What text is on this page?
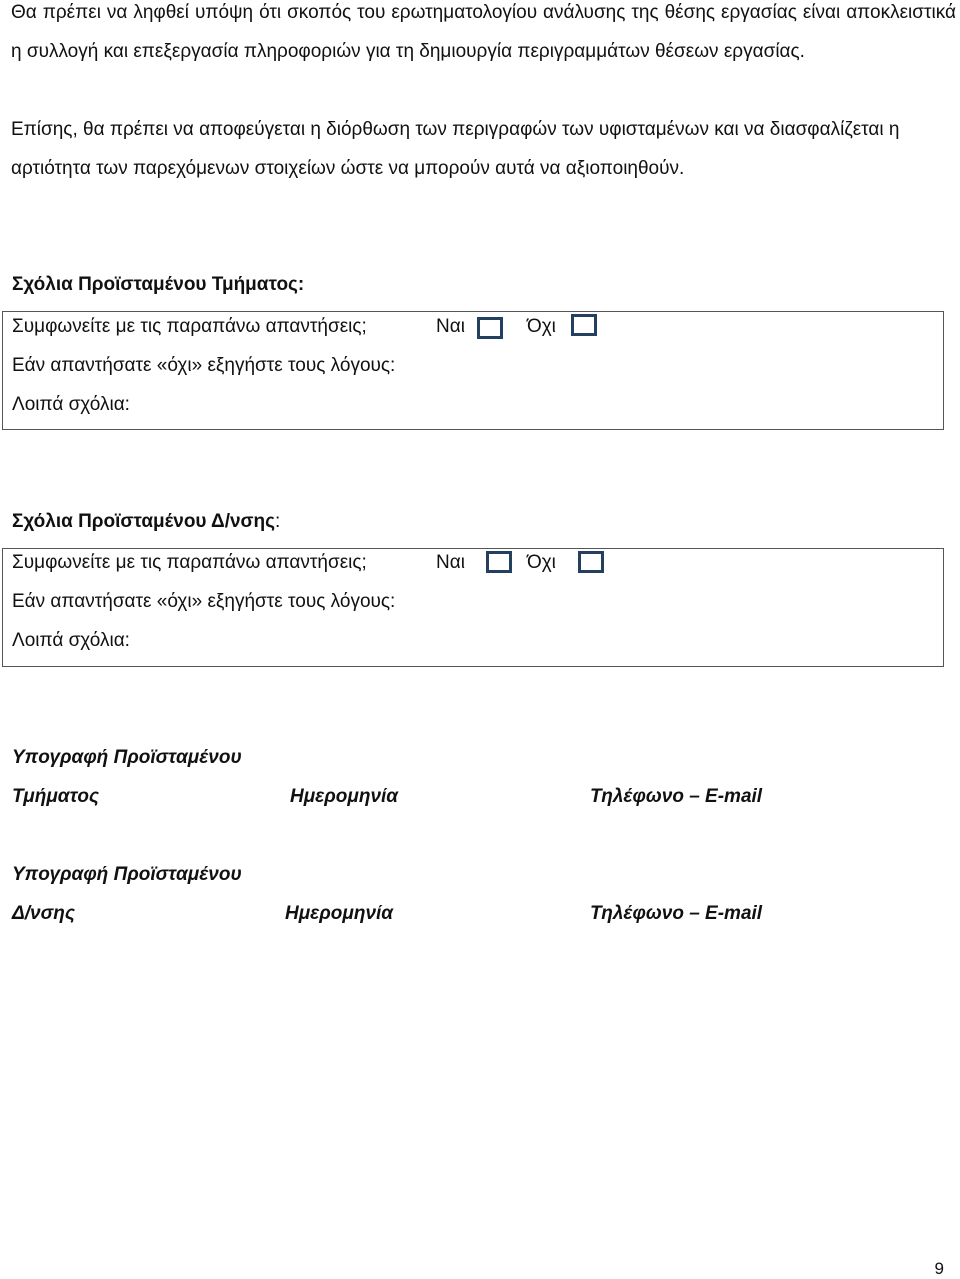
Θα πρέπει να ληφθεί υπόψη ότι σκοπός του ερωτηματολογίου ανάλυσης της θέσης εργασίας είναι αποκλειστικά η συλλογή και επεξεργασία πληροφοριών για τη δημιουργία περιγραμμάτων θέσεων εργασίας.

Επίσης, θα πρέπει να αποφεύγεται η διόρθωση των περιγραφών των υφισταμένων και να διασφαλίζεται η αρτιότητα των παρεχόμενων στοιχείων ώστε να μπορούν αυτά να αξιοποιηθούν.

Σχόλια Προϊσταμένου Τμήματος:
Συμφωνείτε με τις παραπάνω απαντήσεις;	Ναι	Όχι
Εάν απαντήσατε «όχι» εξηγήστε τους λόγους:
Λοιπά σχόλια:
Σχόλια Προϊσταμένου Δ/νσης:
Συμφωνείτε με τις παραπάνω απαντήσεις;	Ναι	Όχι
Εάν απαντήσατε «όχι» εξηγήστε τους λόγους:
Λοιπά σχόλια:
Υπογραφή Προϊσταμένου
Τμήματος	Ημερομηνία	Τηλέφωνο – E-mail
Υπογραφή Προϊσταμένου
Δ/νσης	Ημερομηνία	Τηλέφωνο – E-mail
9
